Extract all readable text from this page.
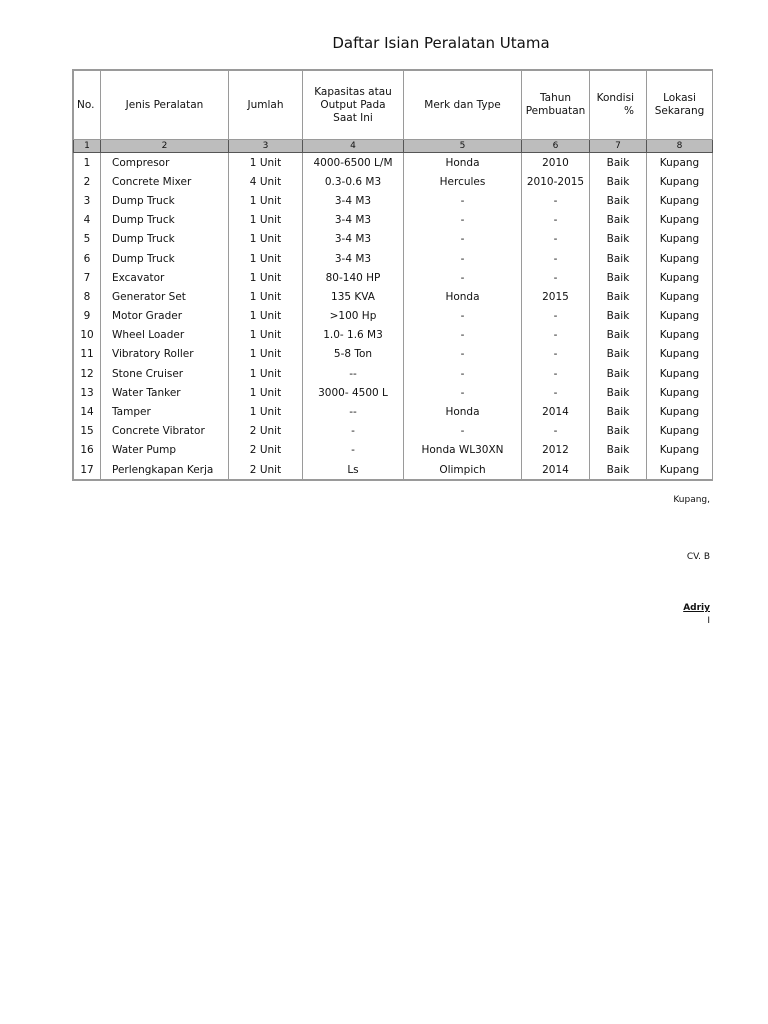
Daftar Isian Peralatan Utama
No.	Jenis Peralatan	Jumlah	Kapasitas atau Output Pada Saat Ini	Merk dan Type	Tahun Pembuatan	Kondisi %	Lokasi Sekarang
1	2	3	4	5	6	7	8
1	Compresor	1 Unit	4000-6500 L/M	Honda	2010	Baik	Kupang
2	Concrete Mixer	4 Unit	0.3-0.6 M3	Hercules	2010-2015	Baik	Kupang
3	Dump Truck	1 Unit	3-4 M3	-	-	Baik	Kupang
4	Dump Truck	1 Unit	3-4 M3	-	-	Baik	Kupang
5	Dump Truck	1 Unit	3-4 M3	-	-	Baik	Kupang
6	Dump Truck	1 Unit	3-4 M3	-	-	Baik	Kupang
7	Excavator	1 Unit	80-140 HP	-	-	Baik	Kupang
8	Generator Set	1 Unit	135 KVA	Honda	2015	Baik	Kupang
9	Motor Grader	1 Unit	>100 Hp	-	-	Baik	Kupang
10	Wheel Loader	1 Unit	1.0- 1.6 M3	-	-	Baik	Kupang
11	Vibratory Roller	1 Unit	5-8 Ton	-	-	Baik	Kupang
12	Stone Cruiser	1 Unit	--	-	-	Baik	Kupang
13	Water Tanker	1 Unit	3000- 4500 L	-	-	Baik	Kupang
14	Tamper	1 Unit	--	Honda	2014	Baik	Kupang
15	Concrete Vibrator	2 Unit	-	-	-	Baik	Kupang
16	Water Pump	2 Unit	-	Honda WL30XN	2012	Baik	Kupang
17	Perlengkapan Kerja	2 Unit	Ls	Olimpich	2014	Baik	Kupang
Kupang,
CV. B
Adriy
I
